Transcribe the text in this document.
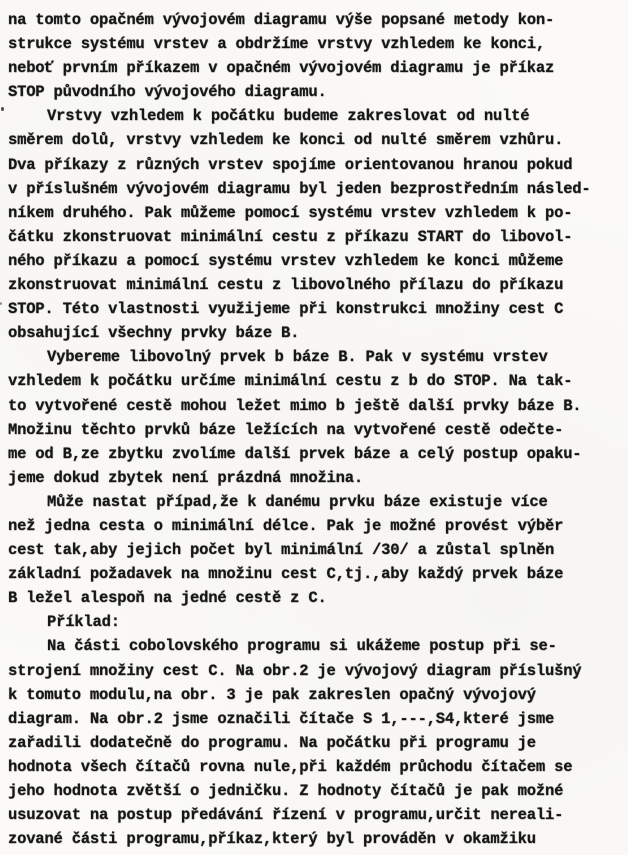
na tomto opačném vývojovém diagramu výše popsané metody kon-
strukce systému vrstev a obdržíme vrstvy vzhledem ke konci,
neboť prvním příkazem v opačném vývojovém diagramu je příkaz
STOP původního vývojového diagramu.
Vrstvy vzhledem k počátku budeme zakreslovat od nulté
směrem dolů, vrstvy vzhledem ke konci od nulté směrem vzhůru.
Dva příkazy z různých vrstev spojíme orientovanou hranou pokud
v příslušném vývojovém diagramu byl jeden bezprostředním násled-
níkem druhého. Pak můžeme pomocí systému vrstev vzhledem k po-
čátku zkonstruovat minimální cestu z příkazu START do libovol-
ného příkazu a pomocí systému vrstev vzhledem ke konci můžeme
zkonstruovat minimální cestu z libovolného přílazu do příkazu
STOP. Této vlastnosti využijeme při konstrukci množiny cest C
obsahující všechny prvky báze B.
Vybereme libovolný prvek b báze B. Pak v systému vrstev
vzhledem k počátku určíme minimální cestu z b do STOP. Na tak-
to vytvořené cestě mohou ležet mimo b ještě další prvky báze B.
Množinu těchto prvků báze ležících na vytvořené cestě odečte-
me od B,ze zbytku zvolíme další prvek báze a celý postup opaku-
jeme dokud zbytek není prázdná množina.
Může nastat případ,že k danému prvku báze existuje více
než jedna cesta o minimální délce. Pak je možné provést výběr
cest tak,aby jejich počet byl minimální /30/ a zůstal splněn
základní požadavek na množinu cest C,tj.,aby každý prvek báze
B ležel alespoň na jedné cestě z C.
Příklad:
Na části cobolovského programu si ukážeme postup při se-
strojení množiny cest C. Na obr.2 je vývojový diagram příslušný
k tomuto modulu,na obr. 3 je pak zakreslen opačný vývojový
diagram. Na obr.2 jsme označili čítače S 1,---,S4,které jsme
zařadili dodatečně do programu. Na počátku při programu je
hodnota všech čítačů rovna nule,při každém průchodu čítačem se
jeho hodnota zvětší o jedničku. Z hodnoty čítačů je pak možné
usuzovat na postup předávání řízení v programu,určit nereali-
zované části programu,příkaz,který byl prováděn v okamžiku
